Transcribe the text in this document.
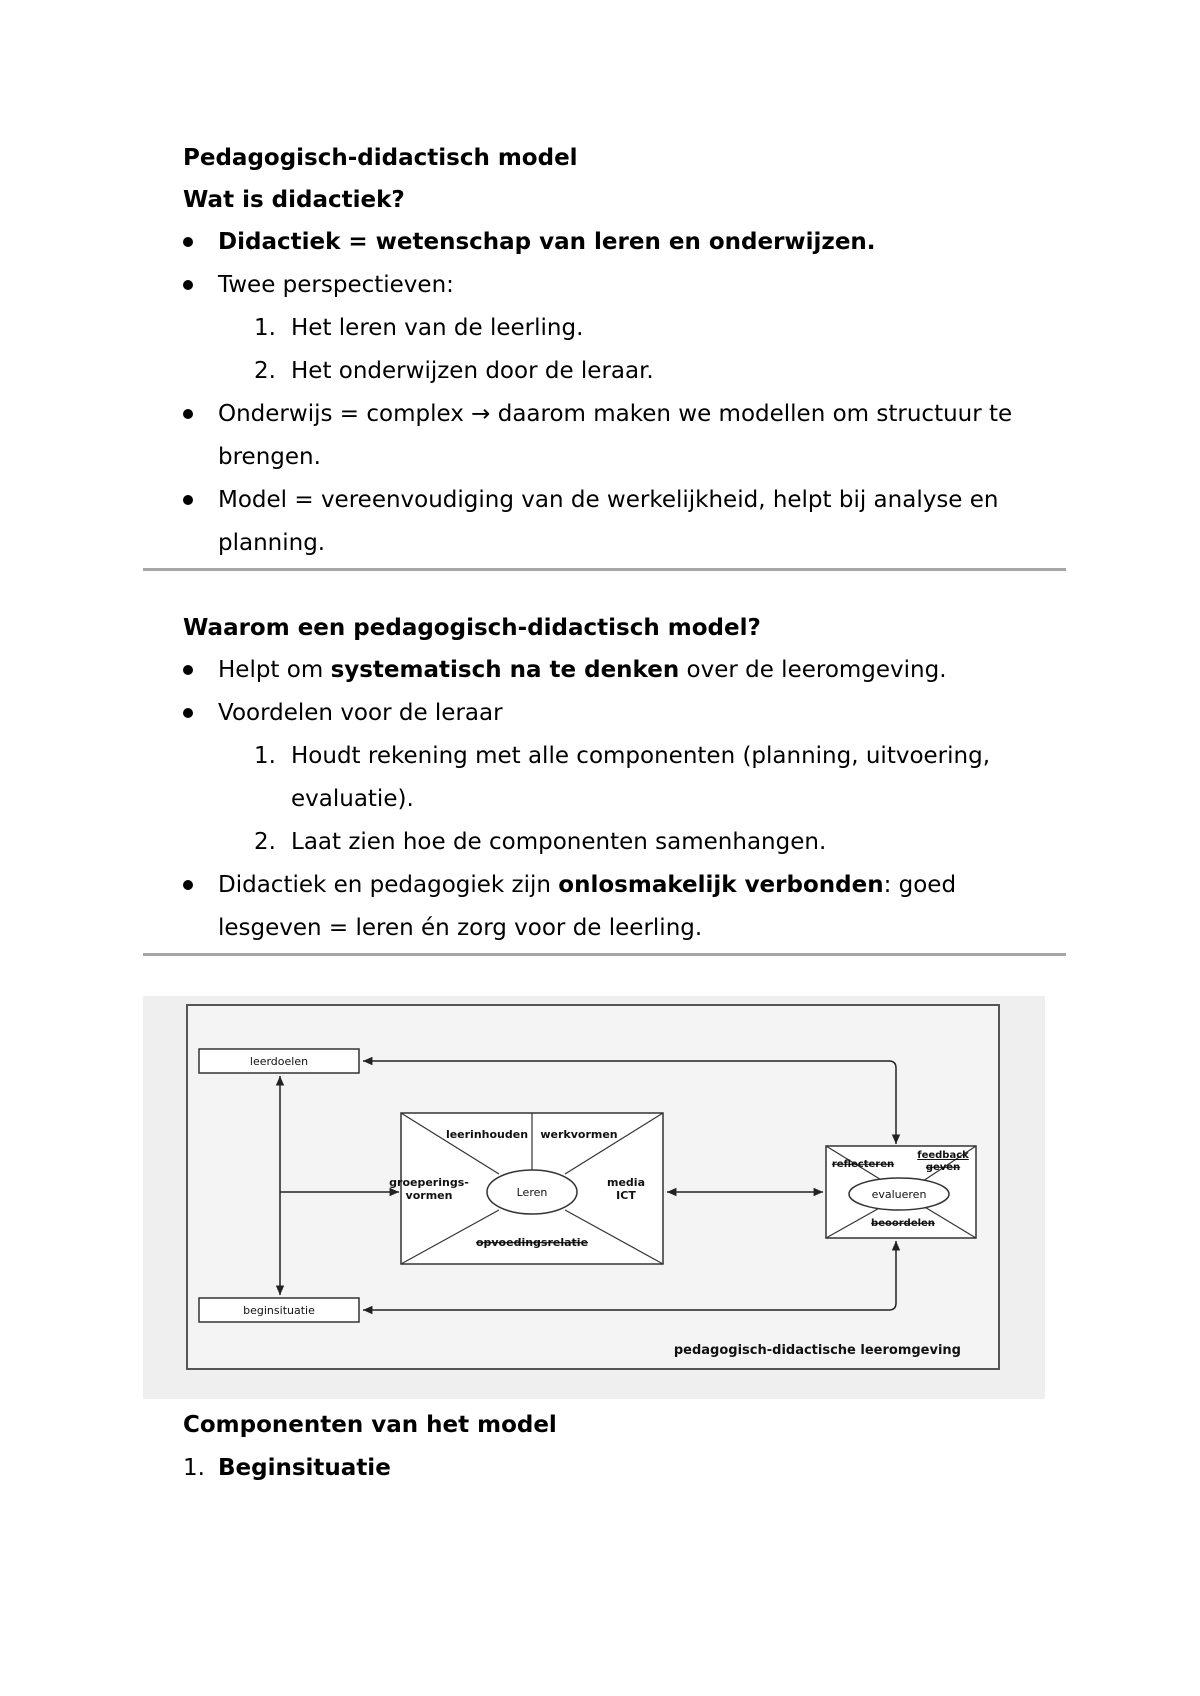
Pedagogisch-didactisch model
Wat is didactiek?
Didactiek = wetenschap van leren en onderwijzen.
Twee perspectieven:
1. Het leren van de leerling.
2. Het onderwijzen door de leraar.
Onderwijs = complex → daarom maken we modellen om structuur te
brengen.
Model = vereenvoudiging van de werkelijkheid, helpt bij analyse en
planning.
Waarom een pedagogisch-didactisch model?
Helpt om systematisch na te denken over de leeromgeving.
Voordelen voor de leraar
1. Houdt rekening met alle componenten (planning, uitvoering,
evaluatie).
2. Laat zien hoe de componenten samenhangen.
Didactiek en pedagogiek zijn onlosmakelijk verbonden: goed
lesgeven = leren én zorg voor de leerling.
leerdoelen
beginsituatie
Leren
leerinhouden werkvormen
groeperings-
vormen
media
ICT
opvoedingsrelatie
evalueren
reflecteren
feedback
geven
beoordelen
pedagogisch-didactische leeromgeving
Componenten van het model
1. Beginsituatie
